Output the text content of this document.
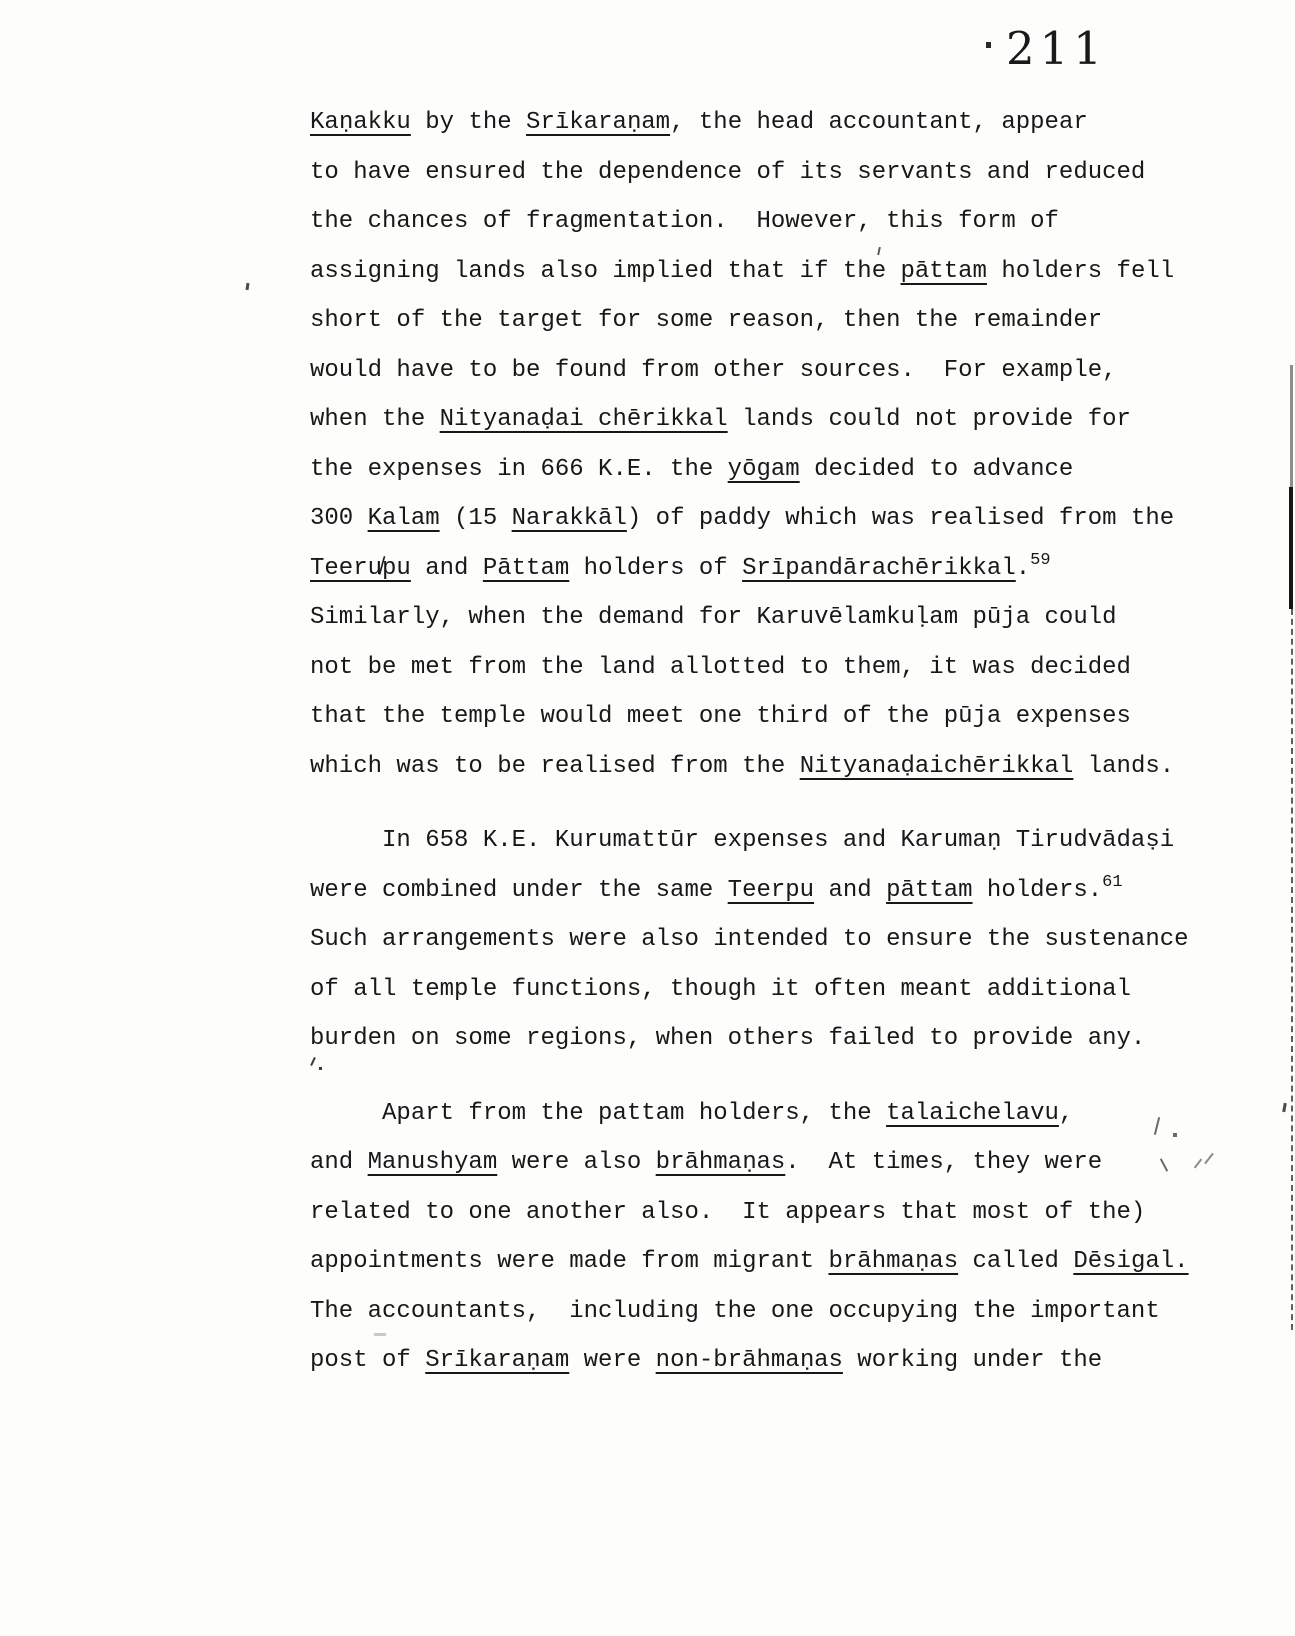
211
Kaṇakku by the Srīkaraṇam, the head accountant, appear
to have ensured the dependence of its servants and reduced
the chances of fragmentation.  However, this form of
assigning lands also implied that if the pāttam holders fell
short of the target for some reason, then the remainder
would have to be found from other sources.  For example,
when the Nityanaḍai chērikkal lands could not provide for
the expenses in 666 K.E. the yōgam decided to advance
300 Kalam (15 Narakkāl) of paddy which was realised from the
Teeru̸pu and Pāttam holders of Srīpandārachērikkal.$^{59}$
Similarly, when the demand for Karuvēlamkuḷam pūja could
not be met from the land allotted to them, it was decided
that the temple would meet one third of the pūja expenses
which was to be realised from the Nityanaḍaichērikkal lands.
In 658 K.E. Kurumattūr expenses and Karumaṇ Tirudvādaṣi
were combined under the same Teerpu and pāttam holders.$^{61}$
Such arrangements were also intended to ensure the sustenance
of all temple functions, though it often meant additional
burden on some regions, when others failed to provide any.
Apart from the pattam holders, the talaichelavu,
and Manushyam were also brāhmaṇas.  At times, they were
related to one another also.  It appears that most of the)
appointments were made from migrant brāhmaṇas called Dēsigal.
The accountants,  including the one occupying the important
post of Srīkaraṇam were non-brāhmaṇas working under the
